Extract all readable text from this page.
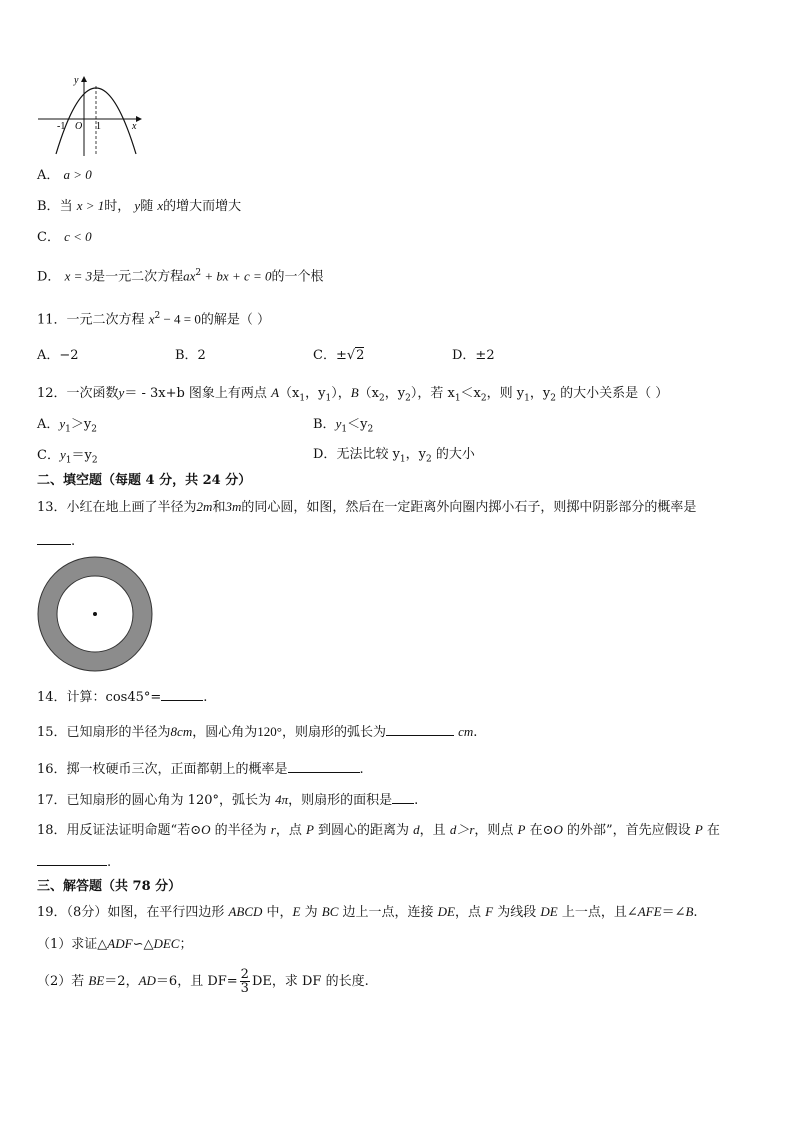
y
x
O
-1	1
A． a > 0
B．当 x > 1时， y随 x的增大而增大
C． c < 0
D． x = 3是一元二次方程$ax^2$ + bx + c = 0的一个根
11．一元二次方程 $x^2 - 4 = 0$的解是（ ）
A．−2	B．2	C．±√2	D．±2
12．一次函数y＝ - 3x+b 图象上有两点 $A(x_1$，$y_1$），$B(x_2$，$y_2$），若 $x_1<x_2$，则 $y_1$，$y_2$ 的大小关系是（ ）
A．$y_1>y_2$	B．$y_1<y_2$
C．$y_1=y_2$	D．无法比较 $y_1$，$y_2$ 的大小
二、填空题（每题 4 分，共 24 分）
13．小红在地上画了半径为2m和3m的同心圆，如图，然后在一定距离外向圈内掷小石子，则掷中阴影部分的概率是
.
14．计算：cos45°=	.
15．已知扇形的半径为8cm，圆心角为120°，则扇形的弧长为	cm.
16．掷一枚硬币三次，正面都朝上的概率是	.
17．已知扇形的圆心角为 120°，弧长为 4π，则扇形的面积是 .
18．用反证法证明命题“若⊙O 的半径为 r，点 P 到圆心的距离为 d，且 d＞r，则点 P 在⊙O 的外部”，首先应假设 P 在
.
三、解答题（共 78 分）
19．（8分）如图，在平行四边形 ABCD 中，E 为 BC 边上一点，连接 DE，点 F 为线段 DE 上一点，且∠AFE＝∠B.
（1）求证△ADF∽△DEC；
（2）若 BE＝2，AD＝6，且 $DF= \frac{2}{3}$ DE，求 DF 的长度.
